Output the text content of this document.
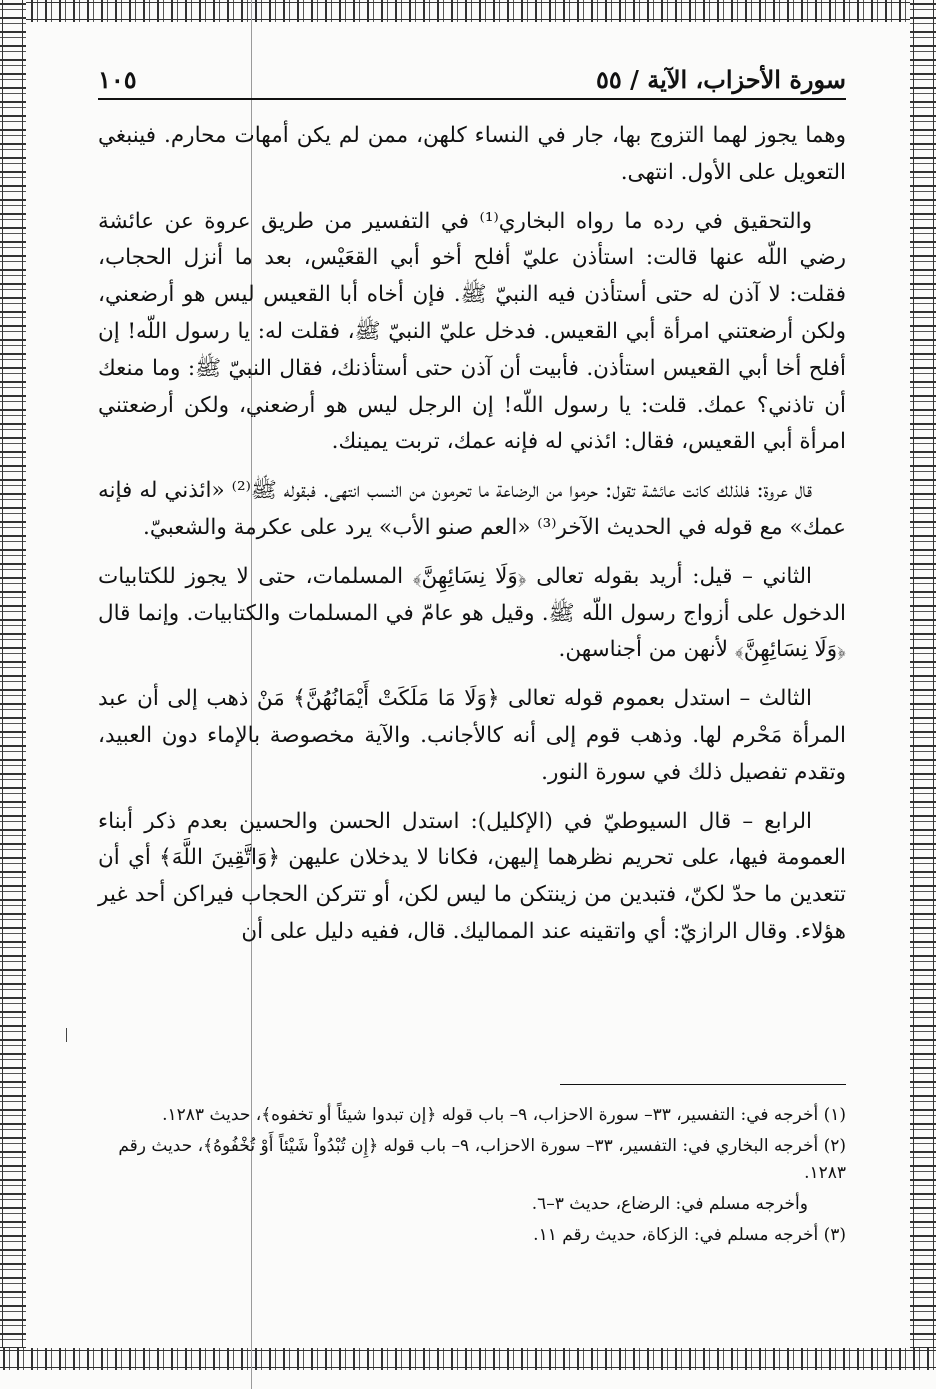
سورة الأحزاب، الآية / ٥٥
١٠٥

وهما يجوز لهما التزوج بها، جار في النساء كلهن، ممن لم يكن أمهات محارم. فينبغي التعويل على الأول. انتهى.

والتحقيق في رده ما رواه البخاري⁽¹⁾ في التفسير من طريق عروة عن عائشة رضي اللّه عنها قالت: استأذن عليّ أفلح أخو أبي القعَيْس، بعد ما أنزل الحجاب، فقلت: لا آذن له حتى أستأذن فيه النبيّ ﷺ. فإن أخاه أبا القعيس ليس هو أرضعني، ولكن أرضعتني امرأة أبي القعيس. فدخل عليّ النبيّ ﷺ، فقلت له: يا رسول اللّه! إن أفلح أخا أبي القعيس استأذن. فأبيت أن آذن حتى أستأذنك، فقال النبيّ ﷺ: وما منعك أن تاذني؟ عمك. قلت: يا رسول اللّه! إن الرجل ليس هو أرضعني، ولكن أرضعتني امرأة أبي القعيس، فقال: ائذني له فإنه عمك، تربت يمينك.

قال عروة: فلذلك كانت عائشة تقول: حرموا من الرضاعة ما تحرمون من النسب انتهى. فبقوله ﷺ⁽²⁾ «ائذني له فإنه عمك» مع قوله في الحديث الآخر⁽³⁾ «العم صنو الأب» يرد على عكرمة والشعبيّ.

الثاني – قيل: أريد بقوله تعالى ﴿وَلَا نِسَائِهِنَّ﴾ المسلمات، حتى لا يجوز للكتابيات الدخول على أزواج رسول اللّه ﷺ. وقيل هو عامّ في المسلمات والكتابيات. وإنما قال ﴿وَلَا نِسَائِهِنَّ﴾ لأنهن من أجناسهن.

الثالث – استدل بعموم قوله تعالى ﴿وَلَا مَا مَلَكَتْ أَيْمَانُهُنَّ﴾ مَنْ ذهب إلى أن عبد المرأة مَحْرم لها. وذهب قوم إلى أنه كالأجانب. والآية مخصوصة بالإماء دون العبيد، وتقدم تفصيل ذلك في سورة النور.

الرابع – قال السيوطيّ في (الإكليل): استدل الحسن والحسين بعدم ذكر أبناء العمومة فيها، على تحريم نظرهما إليهن، فكانا لا يدخلان عليهن ﴿وَاتَّقِينَ اللَّهَ﴾ أي أن تتعدين ما حدّ لكنّ، فتبدين من زينتكن ما ليس لكن، أو تتركن الحجاب فيراكن أحد غير هؤلاء. وقال الرازيّ: أي واتقينه عند المماليك. قال، ففيه دليل على أن

(١) أخرجه في: التفسير، ٣٣– سورة الاحزاب، ٩– باب قوله ﴿إن تبدوا شيئاً أو تخفوه﴾، حديث ١٢٨٣.
(٢) أخرجه البخاري في: التفسير، ٣٣– سورة الاحزاب، ٩– باب قوله ﴿إِن تُبْدُواْ شَيْئاً أَوْ تُخْفُوهُ﴾، حديث رقم ١٢٨٣.
وأخرجه مسلم في: الرضاع، حديث ٣–٦.
(٣) أخرجه مسلم في: الزكاة، حديث رقم ١١.
